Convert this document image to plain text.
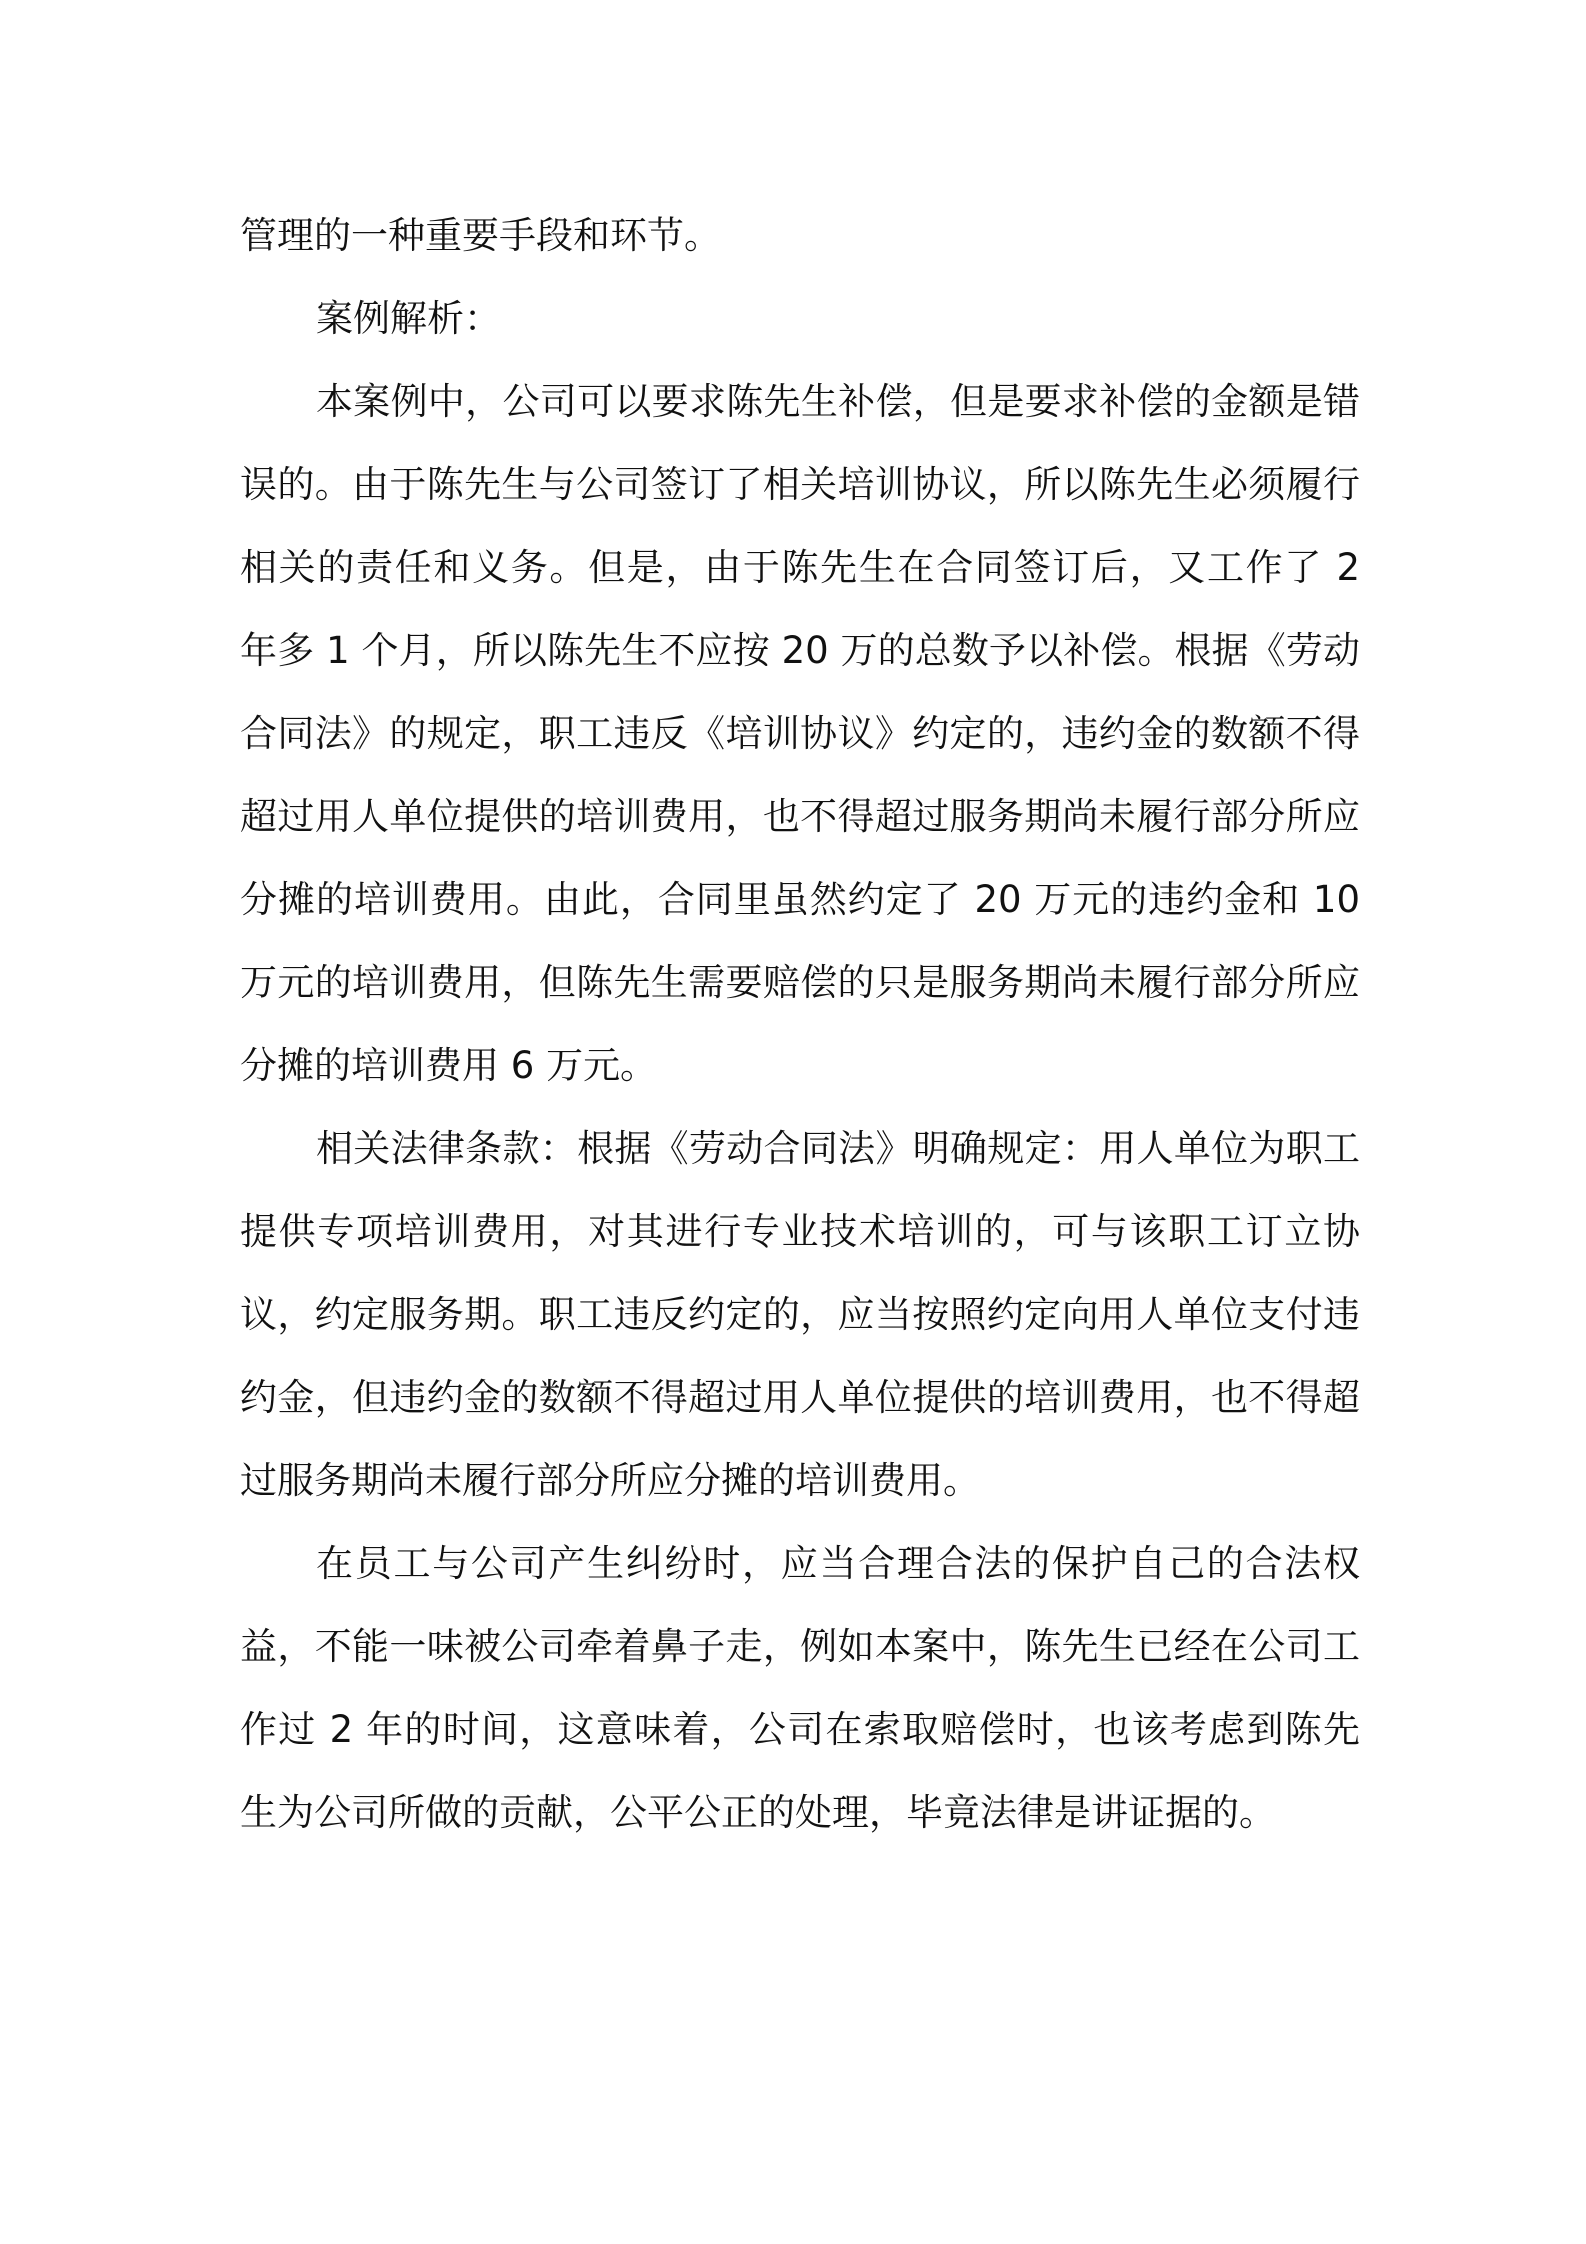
管理的一种重要手段和环节。

案例解析：

本案例中，公司可以要求陈先生补偿，但是要求补偿的金额是错误的。由于陈先生与公司签订了相关培训协议，所以陈先生必须履行相关的责任和义务。但是，由于陈先生在合同签订后，又工作了 2 年多 1 个月，所以陈先生不应按 20 万的总数予以补偿。根据《劳动合同法》的规定，职工违反《培训协议》约定的，违约金的数额不得超过用人单位提供的培训费用，也不得超过服务期尚未履行部分所应分摊的培训费用。由此，合同里虽然约定了 20 万元的违约金和 10 万元的培训费用，但陈先生需要赔偿的只是服务期尚未履行部分所应分摊的培训费用 6 万元。

相关法律条款：根据《劳动合同法》明确规定：用人单位为职工提供专项培训费用，对其进行专业技术培训的，可与该职工订立协议，约定服务期。职工违反约定的，应当按照约定向用人单位支付违约金，但违约金的数额不得超过用人单位提供的培训费用，也不得超过服务期尚未履行部分所应分摊的培训费用。

在员工与公司产生纠纷时，应当合理合法的保护自己的合法权益，不能一味被公司牵着鼻子走，例如本案中，陈先生已经在公司工作过 2 年的时间，这意味着，公司在索取赔偿时，也该考虑到陈先生为公司所做的贡献，公平公正的处理，毕竟法律是讲证据的。
